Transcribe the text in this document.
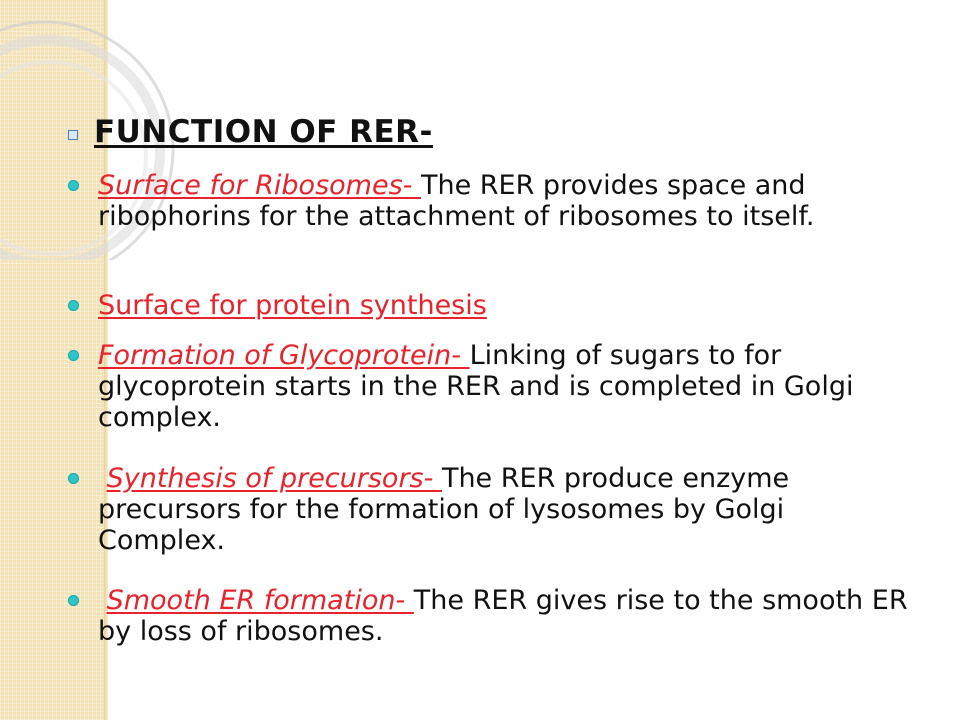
FUNCTION OF RER-
Surface for Ribosomes- The RER provides space and ribophorins for the attachment of ribosomes to itself.
Surface for protein synthesis
Formation of Glycoprotein- Linking of sugars to for glycoprotein starts in the RER and is completed in Golgi complex.
Synthesis of precursors- The RER produce enzyme precursors for the formation of lysosomes by Golgi Complex.
Smooth ER formation- The RER gives rise to the smooth ER by loss of ribosomes.
